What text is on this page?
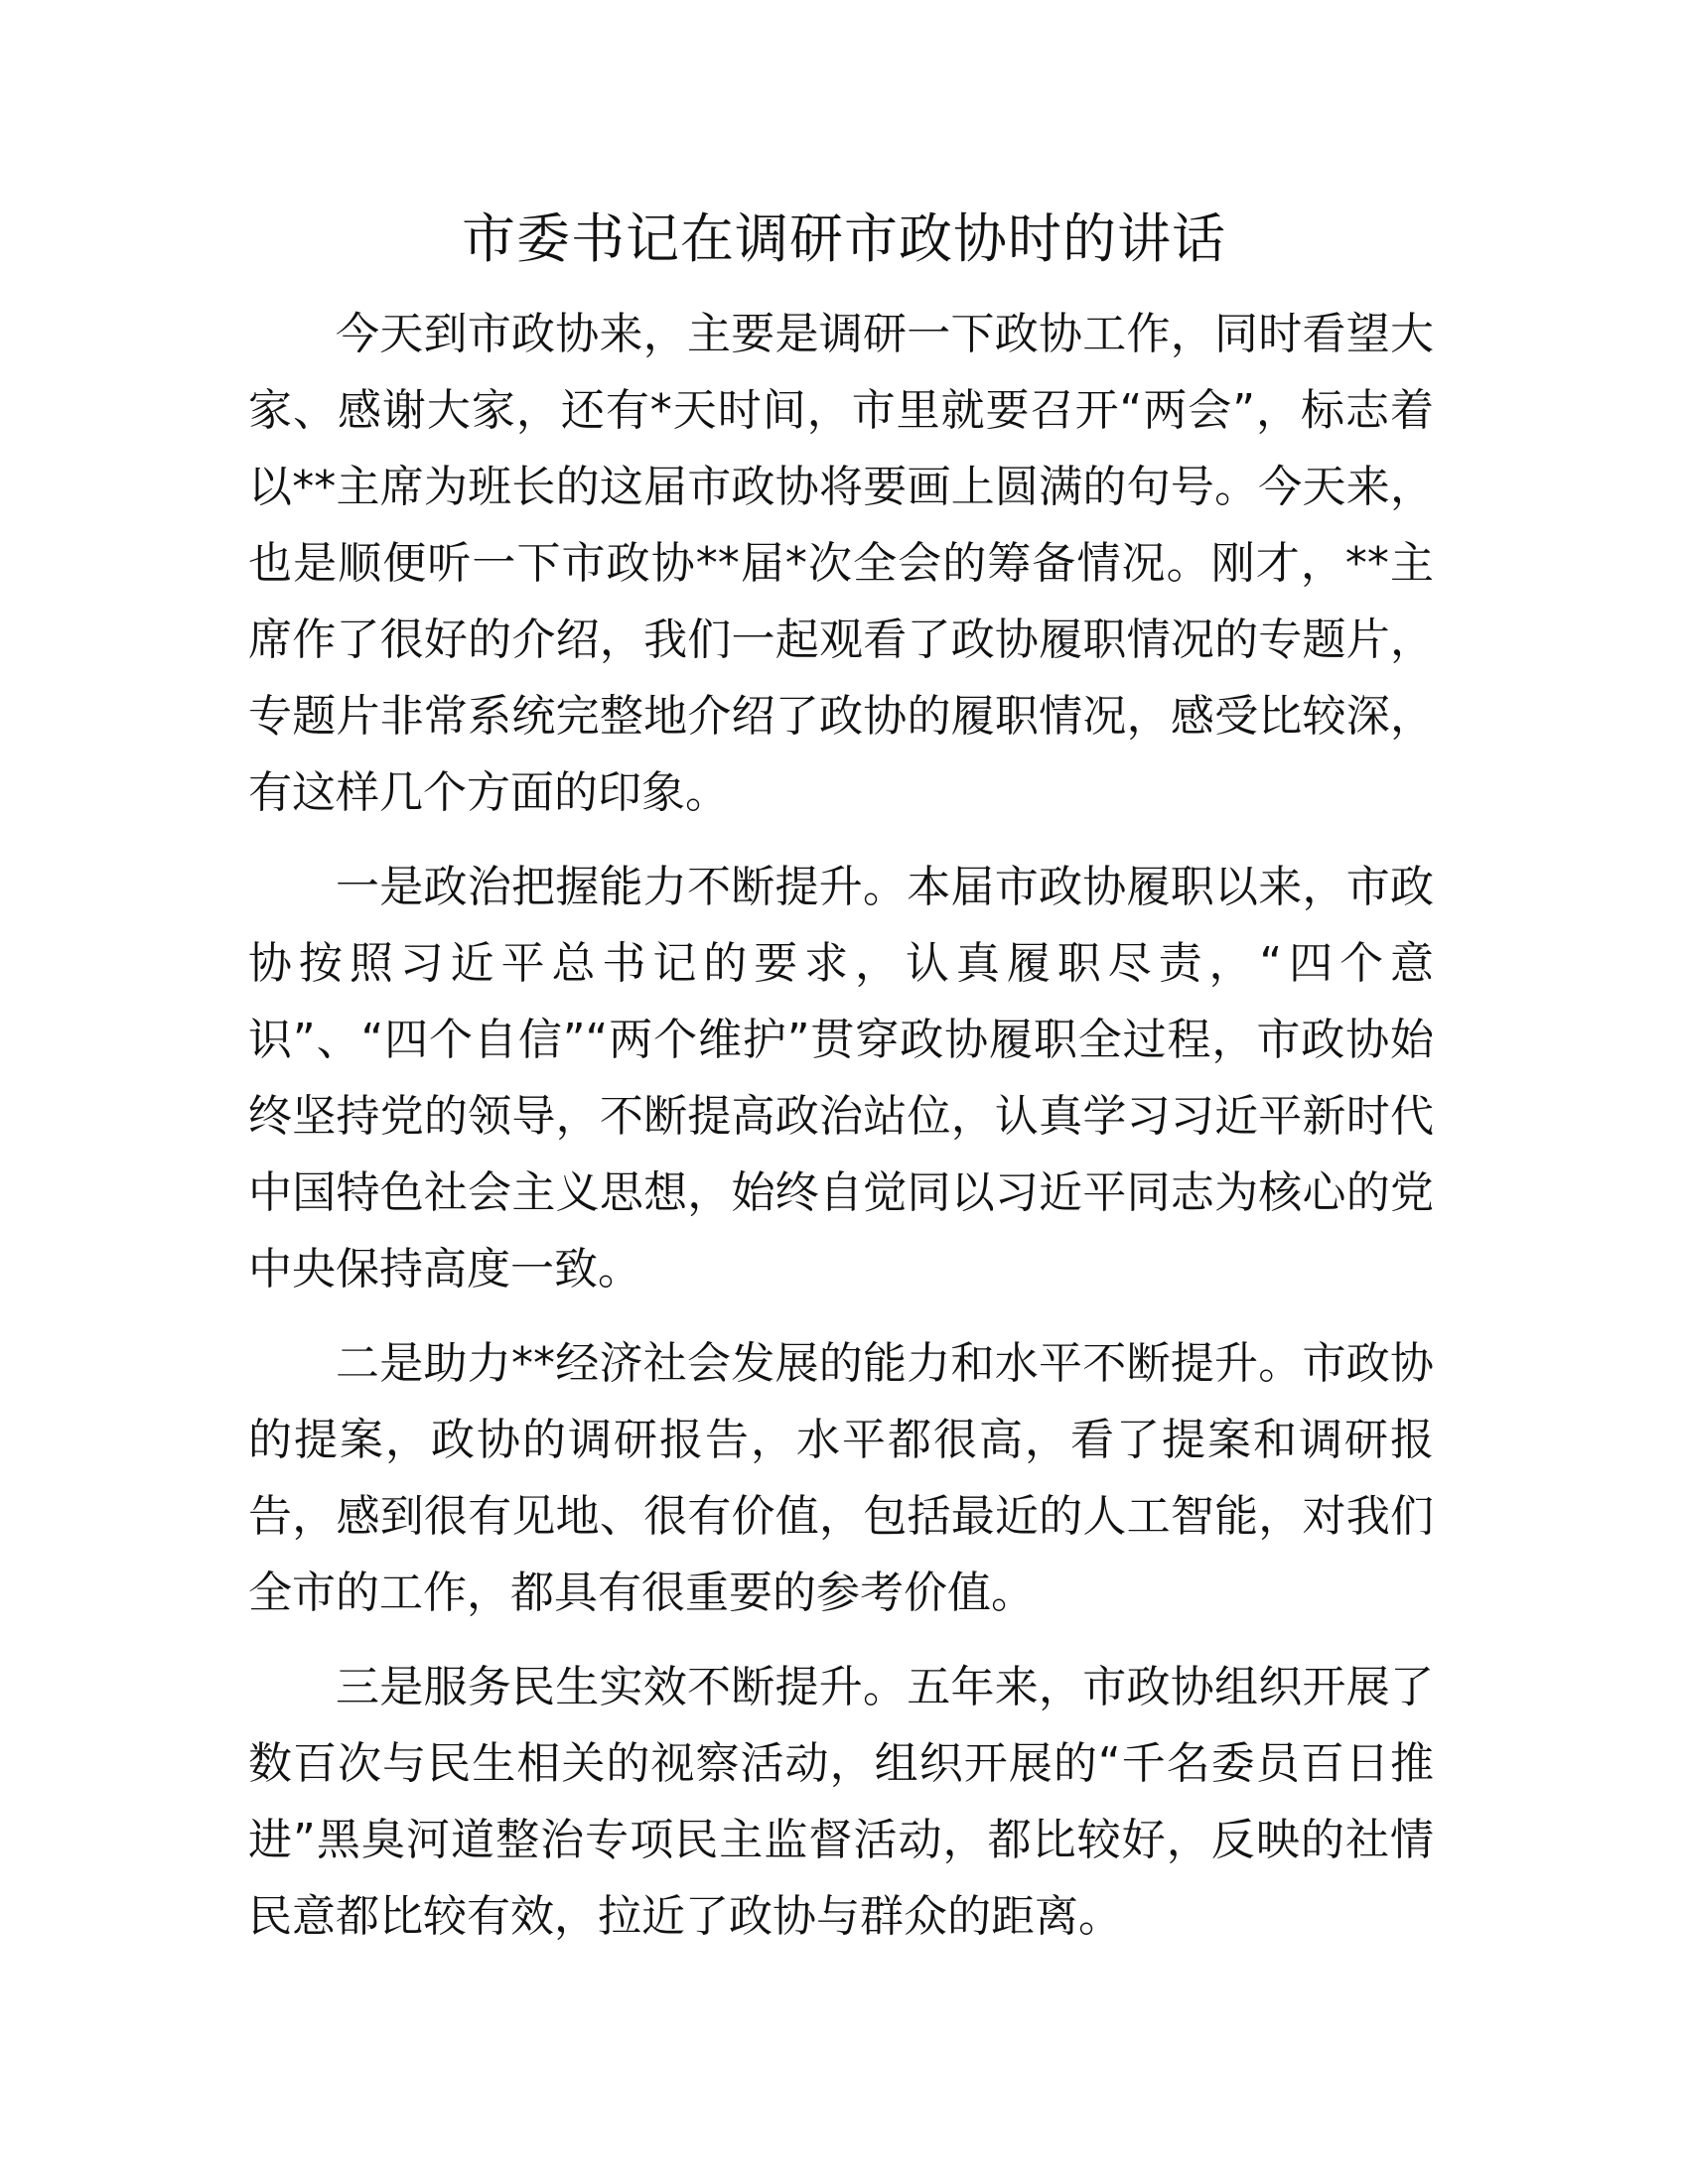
市委书记在调研市政协时的讲话

今天到市政协来，主要是调研一下政协工作，同时看望大家、感谢大家，还有*天时间，市里就要召开“两会”，标志着以**主席为班长的这届市政协将要画上圆满的句号。今天来，也是顺便听一下市政协**届*次全会的筹备情况。刚才，**主席作了很好的介绍，我们一起观看了政协履职情况的专题片，专题片非常系统完整地介绍了政协的履职情况，感受比较深，有这样几个方面的印象。

一是政治把握能力不断提升。本届市政协履职以来，市政协按照习近平总书记的要求，认真履职尽责，“四个意识”、“四个自信”“两个维护”贯穿政协履职全过程，市政协始终坚持党的领导，不断提高政治站位，认真学习习近平新时代中国特色社会主义思想，始终自觉同以习近平同志为核心的党中央保持高度一致。

二是助力**经济社会发展的能力和水平不断提升。市政协的提案，政协的调研报告，水平都很高，看了提案和调研报告，感到很有见地、很有价值，包括最近的人工智能，对我们全市的工作，都具有很重要的参考价值。

三是服务民生实效不断提升。五年来，市政协组织开展了数百次与民生相关的视察活动，组织开展的“千名委员百日推进”黑臭河道整治专项民主监督活动，都比较好，反映的社情民意都比较有效，拉近了政协与群众的距离。
